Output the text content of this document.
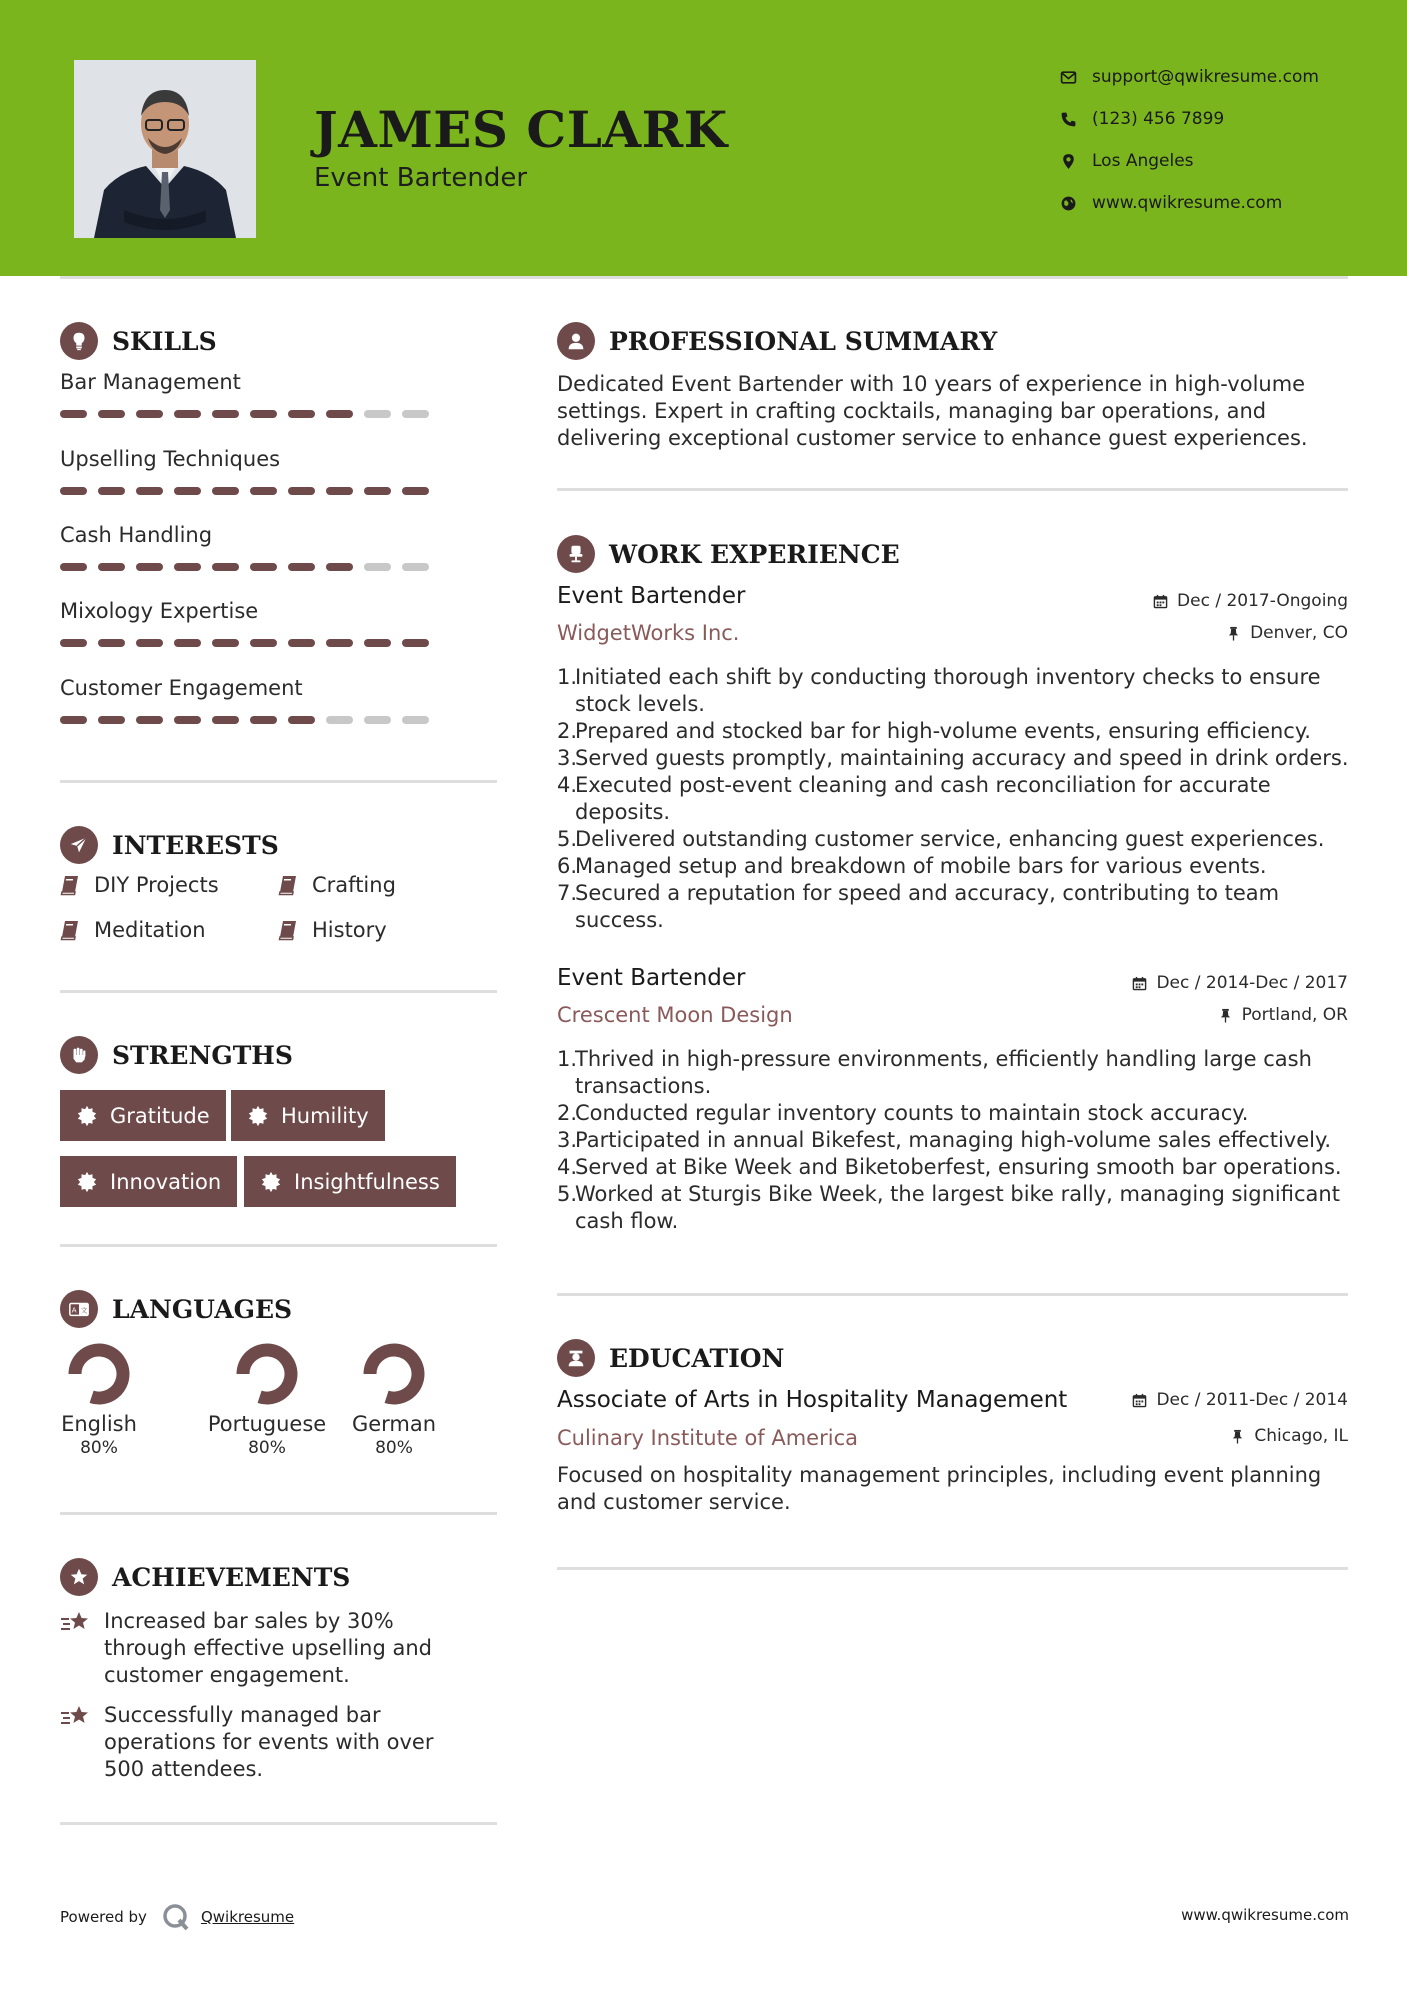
JAMES CLARK
Event Bartender
support@qwikresume.com
(123) 456 7899
Los Angeles
www.qwikresume.com
SKILLS
Bar Management
Upselling Techniques
Cash Handling
Mixology Expertise
Customer Engagement
INTERESTS
DIY Projects	Crafting
Meditation	History
STRENGTHS
Gratitude	Humility
Innovation	Insightfulness
A 文 LANGUAGES
English
80%
Portuguese
80%
German
80%
ACHIEVEMENTS
Increased bar sales by 30% through effective upselling and customer engagement.
Successfully managed bar operations for events with over 500 attendees.
PROFESSIONAL SUMMARY
Dedicated Event Bartender with 10 years of experience in high-volume settings. Expert in crafting cocktails, managing bar operations, and delivering exceptional customer service to enhance guest experiences.
WORK EXPERIENCE
Event Bartender	Dec / 2017-Ongoing
WidgetWorks Inc.	Denver, CO
1.
Initiated each shift by conducting thorough inventory checks to ensure stock levels.
2.
Prepared and stocked bar for high-volume events, ensuring efficiency.
3.
Served guests promptly, maintaining accuracy and speed in drink orders.
4.
Executed post-event cleaning and cash reconciliation for accurate deposits.
5.
Delivered outstanding customer service, enhancing guest experiences.
6.
Managed setup and breakdown of mobile bars for various events.
7.
Secured a reputation for speed and accuracy, contributing to team success.
Event Bartender	Dec / 2014-Dec / 2017
Crescent Moon Design	Portland, OR
1.
Thrived in high-pressure environments, efficiently handling large cash transactions.
2.
Conducted regular inventory counts to maintain stock accuracy.
3.
Participated in annual Bikefest, managing high-volume sales effectively.
4.
Served at Bike Week and Biketoberfest, ensuring smooth bar operations.
5.
Worked at Sturgis Bike Week, the largest bike rally, managing significant cash flow.
EDUCATION
Associate of Arts in Hospitality Management	Dec / 2011-Dec / 2014
Culinary Institute of America	Chicago, IL
Focused on hospitality management principles, including event planning and customer service.
Powered by	Qwikresume	www.qwikresume.com
